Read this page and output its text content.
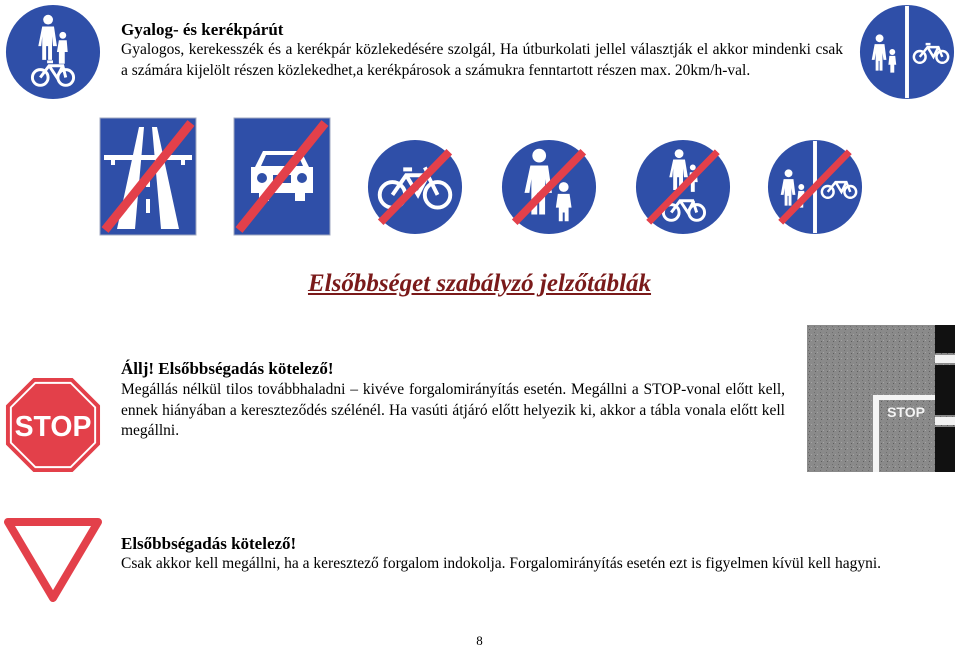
Gyalog- és kerékpárút
Gyalogos, kerekesszék és a kerékpár közlekedésére szolgál, Ha útburkolati jellel választják el akkor mindenki csak a számára kijelölt részen közlekedhet,a kerékpárosok a számukra fenntartott részen max. 20km/h-val.
Elsőbbséget szabályzó jelzőtáblák
STOP
Állj! Elsőbbségadás kötelező!
Megállás nélkül tilos továbbhaladni – kivéve forgalomirányítás esetén. Megállni a STOP-vonal előtt kell, ennek hiányában a kereszteződés szélénél. Ha vasúti átjáró előtt helyezik ki, akkor a tábla vonala előtt kell megállni.
STOP
Elsőbbségadás kötelező!
Csak akkor kell megállni, ha a keresztező forgalom indokolja. Forgalomirányítás esetén ezt is figyelmen kívül kell hagyni.
8
